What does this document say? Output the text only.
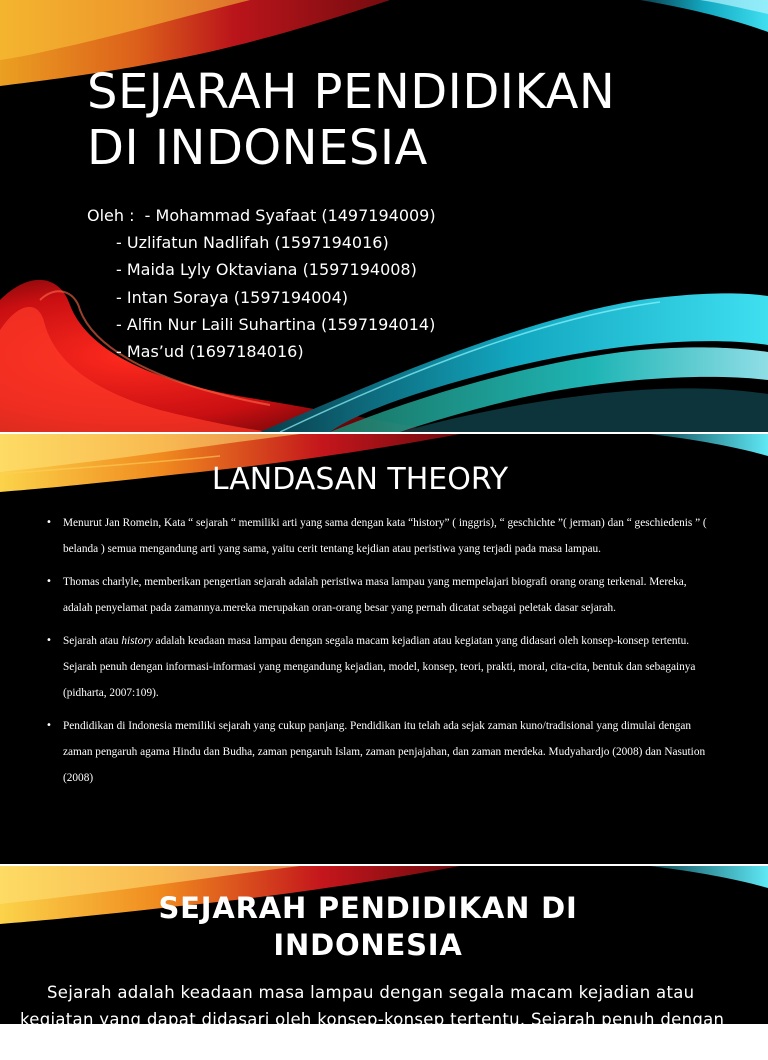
SEJARAH PENDIDIKAN
DI INDONESIA
Oleh :  - Mohammad Syafaat (1497194009)
- Uzlifatun Nadlifah (1597194016)
- Maida Lyly Oktaviana (1597194008)
- Intan Soraya (1597194004)
- Alfin Nur Laili Suhartina (1597194014)
- Mas’ud (1697184016)
LANDASAN THEORY
• Menurut Jan Romein, Kata “ sejarah “ memiliki arti yang sama dengan kata “history” ( inggris), “ geschichte ”( jerman) dan “ geschiedenis ” ( belanda ) semua mengandung arti yang sama, yaitu cerit tentang kejdian atau peristiwa yang terjadi pada masa lampau.
• Thomas charlyle, memberikan pengertian sejarah adalah peristiwa masa lampau yang mempelajari biografi orang orang terkenal. Mereka, adalah penyelamat pada zamannya.mereka merupakan oran-orang besar yang pernah dicatat sebagai peletak dasar sejarah.
• Sejarah atau history adalah keadaan masa lampau dengan segala macam kejadian atau kegiatan yang didasari oleh konsep-konsep tertentu. Sejarah penuh dengan informasi-informasi yang mengandung kejadian, model, konsep, teori, prakti, moral, cita-cita, bentuk dan sebagainya (pidharta, 2007:109).
• Pendidikan di Indonesia memiliki sejarah yang cukup panjang. Pendidikan itu telah ada sejak zaman kuno/tradisional yang dimulai dengan zaman pengaruh agama Hindu dan Budha, zaman pengaruh Islam, zaman penjajahan, dan zaman merdeka. Mudyahardjo (2008) dan Nasution (2008)
SEJARAH PENDIDIKAN DI
INDONESIA
Sejarah adalah keadaan masa lampau dengan segala macam kejadian atau kegiatan yang dapat didasari oleh konsep-konsep tertentu. Sejarah penuh dengan informasi-
